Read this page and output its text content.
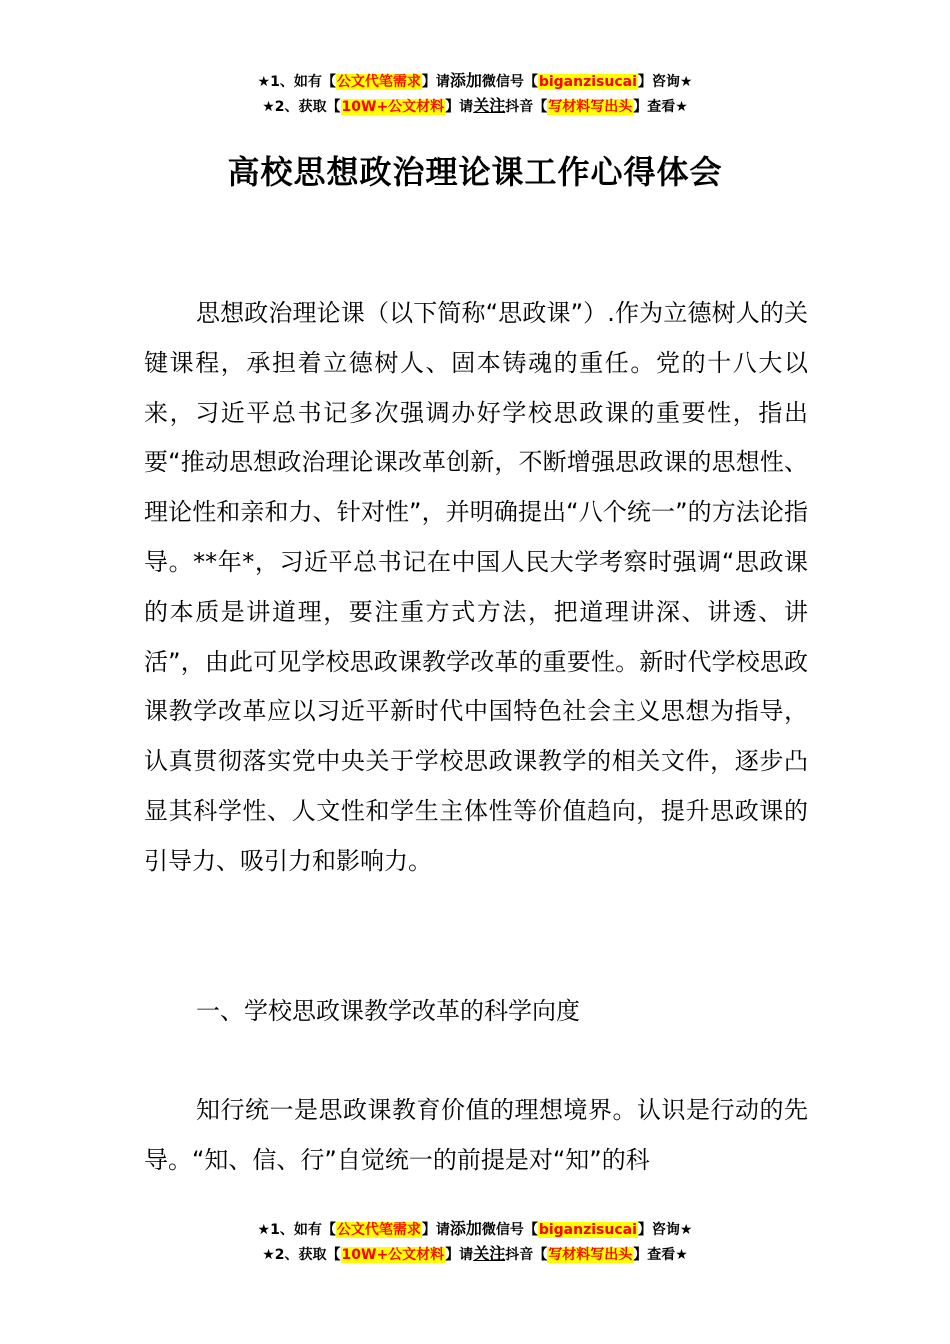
★1、如有【公文代笔需求】请添加微信号【biganzisucai】咨询★
★2、获取【10W+公文材料】请关注抖音【写材料写出头】查看★
高校思想政治理论课工作心得体会

思想政治理论课（以下简称“思政课”）.作为立德树人的关键课程，承担着立德树人、固本铸魂的重任。党的十八大以来，习近平总书记多次强调办好学校思政课的重要性，指出要“推动思想政治理论课改革创新，不断增强思政课的思想性、理论性和亲和力、针对性”，并明确提出“八个统一”的方法论指导。**年*，习近平总书记在中国人民大学考察时强调“思政课的本质是讲道理，要注重方式方法，把道理讲深、讲透、讲活”，由此可见学校思政课教学改革的重要性。新时代学校思政课教学改革应以习近平新时代中国特色社会主义思想为指导，认真贯彻落实党中央关于学校思政课教学的相关文件，逐步凸显其科学性、人文性和学生主体性等价值趋向，提升思政课的引导力、吸引力和影响力。

一、学校思政课教学改革的科学向度

知行统一是思政课教育价值的理想境界。认识是行动的先导。“知、信、行”自觉统一的前提是对“知”的科

★1、如有【公文代笔需求】请添加微信号【biganzisucai】咨询★
★2、获取【10W+公文材料】请关注抖音【写材料写出头】查看★
